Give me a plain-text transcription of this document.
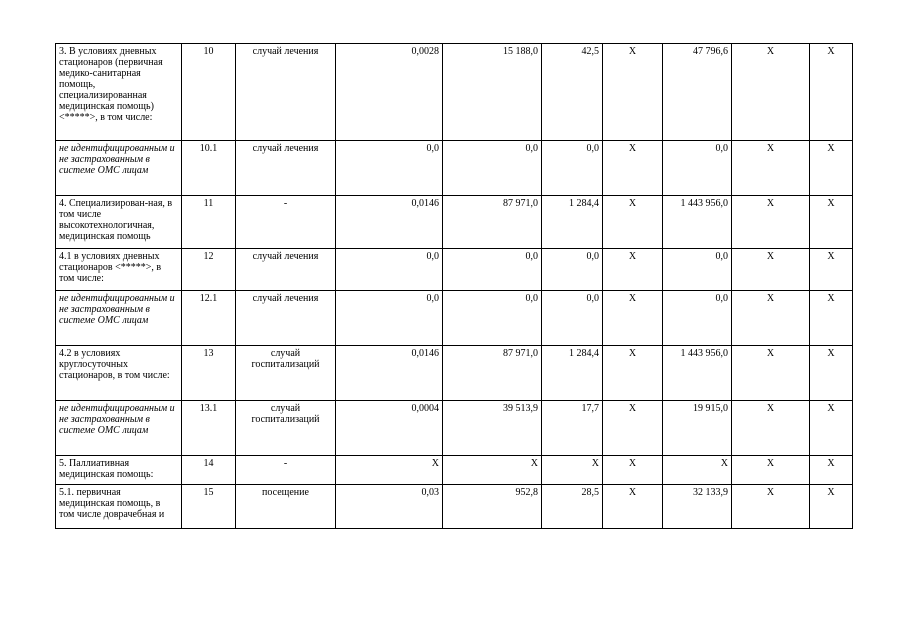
3. В условиях дневных стационаров (первичная медико-санитарная помощь, специализированная медицинская помощь) <*****>, в том числе:	10	случай лечения	0,0028	15 188,0	42,5	X	47 796,6	X	X
не идентифицированным и не застрахованным в системе ОМС лицам	10.1	случай лечения	0,0	0,0	0,0	X	0,0	X	X
4. Специализирован-ная, в том числе высокотехнологичная, медицинская помощь	11	-	0,0146	87 971,0	1 284,4	X	1 443 956,0	X	X
4.1 в условиях дневных стационаров <*****>, в том числе:	12	случай лечения	0,0	0,0	0,0	X	0,0	X	X
не идентифицированным и не застрахованным в системе ОМС лицам	12.1	случай лечения	0,0	0,0	0,0	X	0,0	X	X
4.2 в условиях круглосуточных стационаров, в том числе:	13	случай госпитализаций	0,0146	87 971,0	1 284,4	X	1 443 956,0	X	X
не идентифицированным и не застрахованным в системе ОМС лицам	13.1	случай госпитализаций	0,0004	39 513,9	17,7	X	19 915,0	X	X
5. Паллиативная медицинская помощь:	14	-	X	X	X	X	X	X	X
5.1. первичная медицинская помощь, в том числе доврачебная и	15	посещение	0,03	952,8	28,5	X	32 133,9	X	X
